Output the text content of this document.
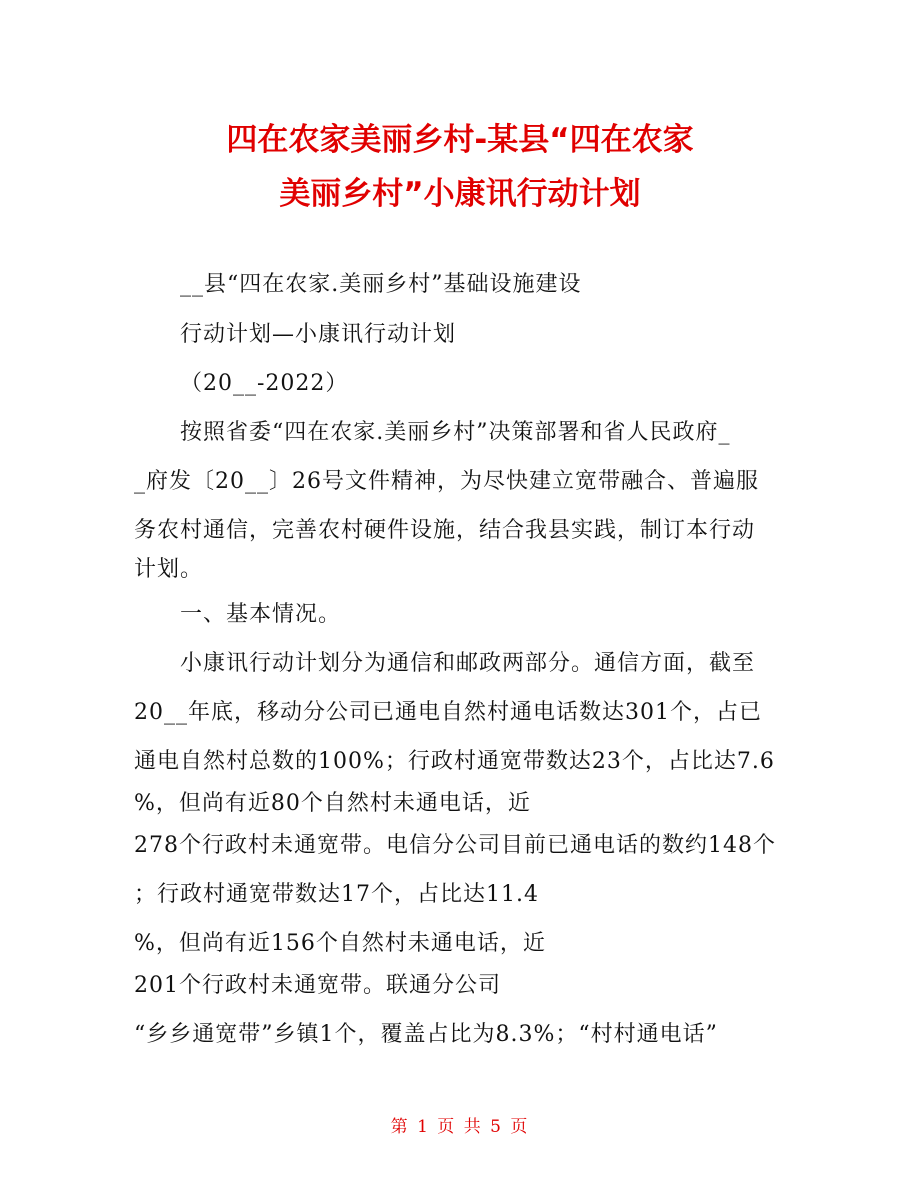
四在农家美丽乡村-某县“四在农家
美丽乡村”小康讯行动计划
__县“四在农家.美丽乡村”基础设施建设
行动计划—小康讯行动计划
（20__-2022）
按照省委“四在农家.美丽乡村”决策部署和省人民政府_
_府发〔20__〕26号文件精神，为尽快建立宽带融合、普遍服
务农村通信，完善农村硬件设施，结合我县实践，制订本行动
计划。
一、基本情况。
小康讯行动计划分为通信和邮政两部分。通信方面，截至
20__年底，移动分公司已通电自然村通电话数达301个，占已
通电自然村总数的100%；行政村通宽带数达23个，占比达7.6
%，但尚有近80个自然村未通电话，近
278个行政村未通宽带。电信分公司目前已通电话的数约148个
；行政村通宽带数达17个，占比达11.4
%，但尚有近156个自然村未通电话，近
201个行政村未通宽带。联通分公司
“乡乡通宽带”乡镇1个，覆盖占比为8.3%；“村村通电话”
第 1 页 共 5 页
